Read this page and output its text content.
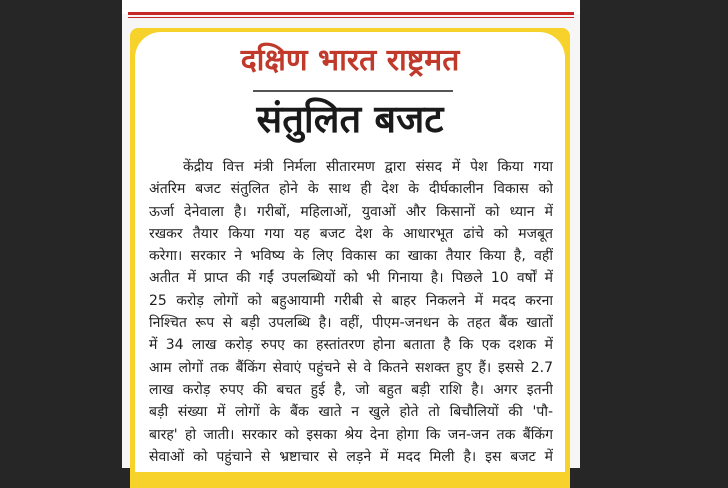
दक्षिण भारत राष्ट्रमत
संतुलित बजट
केंद्रीय वित्त मंत्री निर्मला सीतारमण द्वारा संसद में पेश किया गया
अंतरिम बजट संतुलित होने के साथ ही देश के दीर्घकालीन विकास को
ऊर्जा देनेवाला है। गरीबों, महिलाओं, युवाओं और किसानों को ध्यान में
रखकर तैयार किया गया यह बजट देश के आधारभूत ढांचे को मजबूत
करेगा। सरकार ने भविष्य के लिए विकास का खाका तैयार किया है, वहीं
अतीत में प्राप्त की गईं उपलब्धियों को भी गिनाया है। पिछले 10 वर्षों में
25 करोड़ लोगों को बहुआयामी गरीबी से बाहर निकलने में मदद करना
निश्चित रूप से बड़ी उपलब्धि है। वहीं, पीएम-जनधन के तहत बैंक खातों
में 34 लाख करोड़ रुपए का हस्तांतरण होना बताता है कि एक दशक में
आम लोगों तक बैंकिंग सेवाएं पहुंचने से वे कितने सशक्त हुए हैं। इससे 2.7
लाख करोड़ रुपए की बचत हुई है, जो बहुत बड़ी राशि है। अगर इतनी
बड़ी संख्या में लोगों के बैंक खाते न खुले होते तो बिचौलियों की 'पौ-
बारह' हो जाती। सरकार को इसका श्रेय देना होगा कि जन-जन तक बैंकिंग
सेवाओं को पहुंचाने से भ्रष्टाचार से लड़ने में मदद मिली है। इस बजट में
